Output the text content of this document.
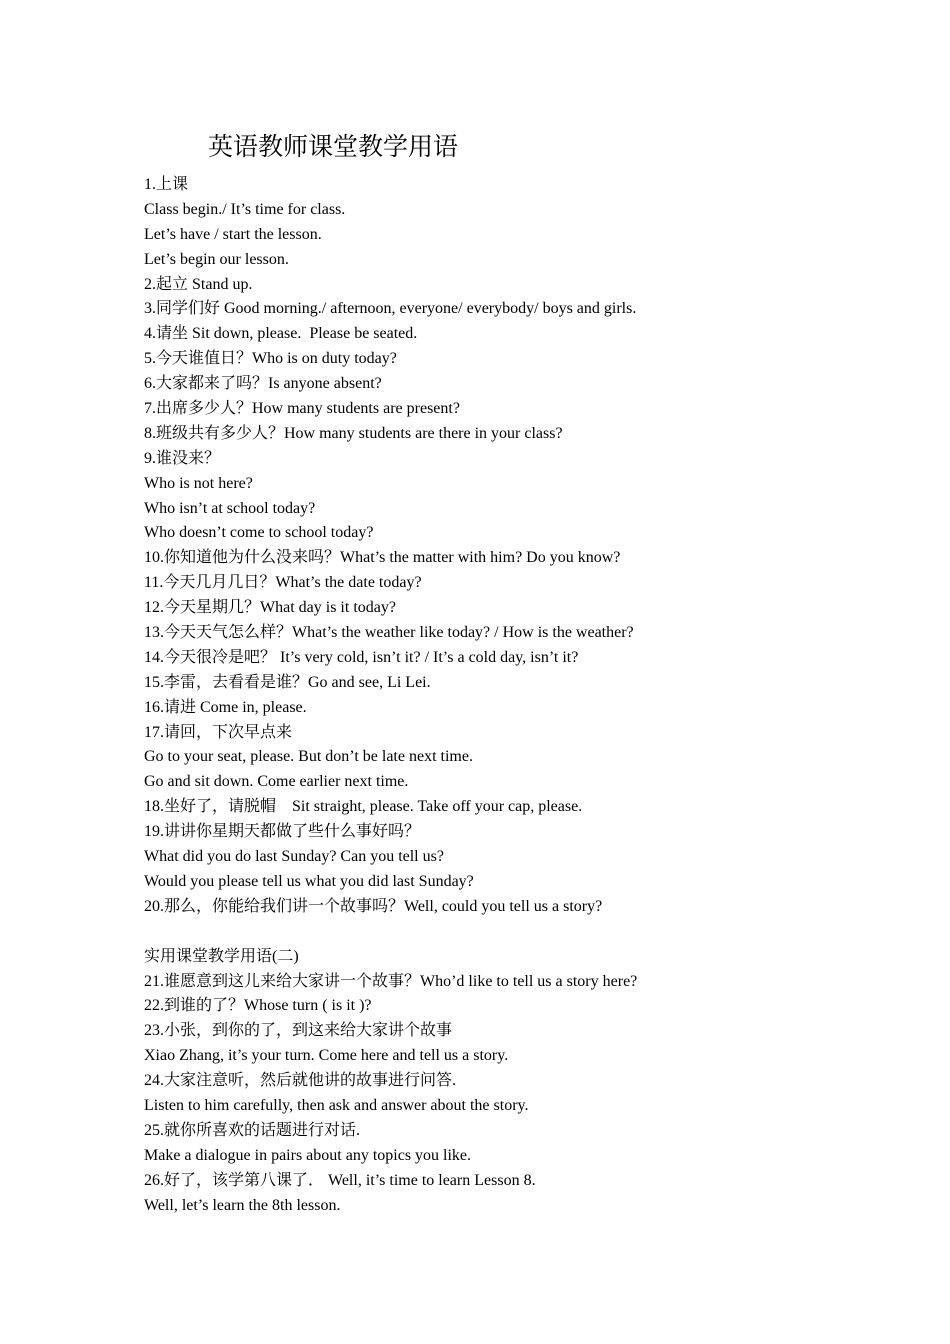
英语教师课堂教学用语
1.上课
Class begin./ It’s time for class.
Let’s have / start the lesson.
Let’s begin our lesson.
2.起立 Stand up.
3.同学们好 Good morning./ afternoon, everyone/ everybody/ boys and girls.
4.请坐 Sit down, please.  Please be seated.
5.今天谁值日？Who is on duty today?
6.大家都来了吗？Is anyone absent?
7.出席多少人？How many students are present?
8.班级共有多少人？How many students are there in your class?
9.谁没来？
Who is not here?
Who isn’t at school today?
Who doesn’t come to school today?
10.你知道他为什么没来吗？What’s the matter with him? Do you know?
11.今天几月几日？What’s the date today?
12.今天星期几？What day is it today?
13.今天天气怎么样？What’s the weather like today? / How is the weather?
14.今天很冷是吧？ It’s very cold, isn’t it? / It’s a cold day, isn’t it?
15.李雷，去看看是谁？Go and see, Li Lei.
16.请进 Come in, please.
17.请回，下次早点来
Go to your seat, please. But don’t be late next time.
Go and sit down. Come earlier next time.
18.坐好了，请脱帽    Sit straight, please. Take off your cap, please.
19.讲讲你星期天都做了些什么事好吗？
What did you do last Sunday? Can you tell us?
Would you please tell us what you did last Sunday?
20.那么，你能给我们讲一个故事吗？Well, could you tell us a story?
实用课堂教学用语(二)
21.谁愿意到这儿来给大家讲一个故事？Who’d like to tell us a story here?
22.到谁的了？Whose turn ( is it )?
23.小张，到你的了，到这来给大家讲个故事
Xiao Zhang, it’s your turn. Come here and tell us a story.
24.大家注意听，然后就他讲的故事进行问答.
Listen to him carefully, then ask and answer about the story.
25.就你所喜欢的话题进行对话.
Make a dialogue in pairs about any topics you like.
26.好了，该学第八课了． Well, it’s time to learn Lesson 8.
Well, let’s learn the 8th lesson.
